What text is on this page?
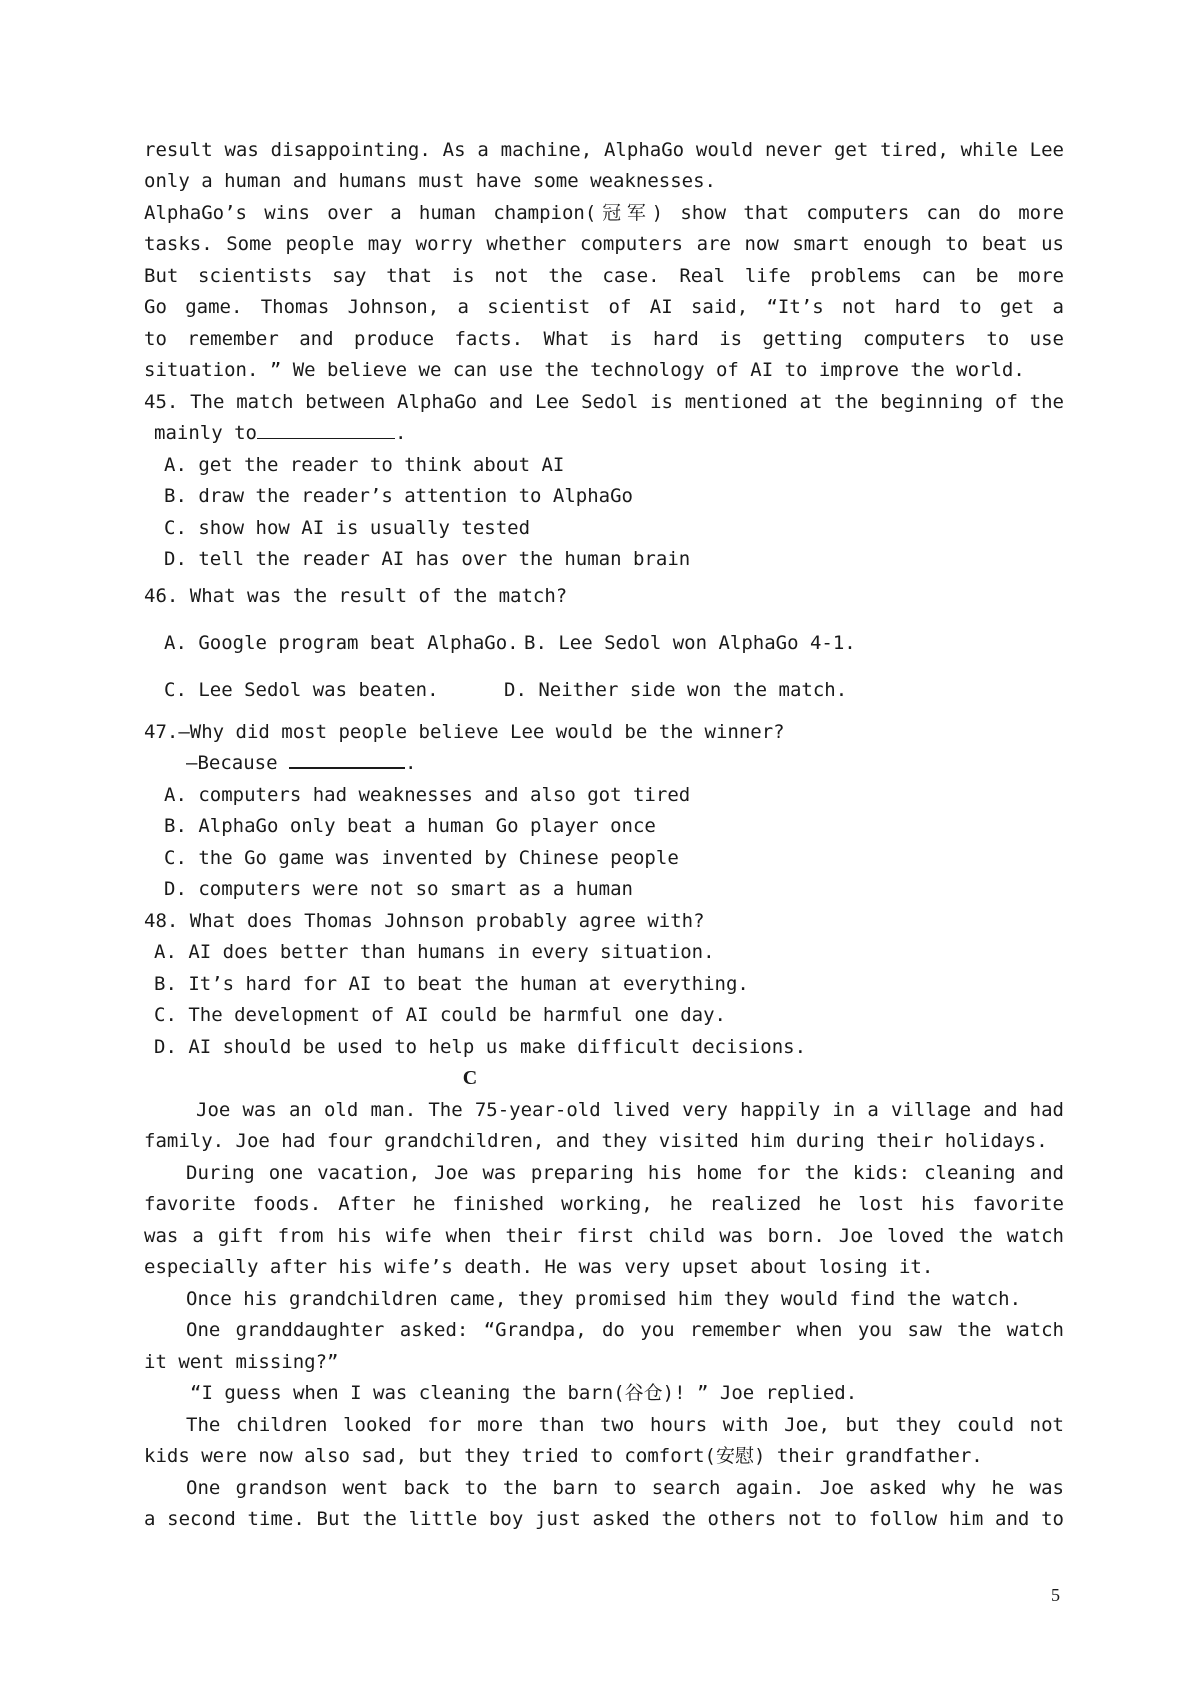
result was disappointing. As a machine, AlphaGo would never get tired, while Lee
only a human and humans must have some weaknesses.
AlphaGo’s wins over a human champion(冠军) show that computers can do more
tasks. Some people may worry whether computers are now smart enough to beat us
But scientists say that is not the case. Real life problems can be more
Go game. Thomas Johnson, a scientist of AI said, “It’s not hard to get a
to remember and produce facts. What is hard is getting computers to use
situation. ” We believe we can use the technology of AI to improve the world.
45. The match between AlphaGo and Lee Sedol is mentioned at the beginning of the
mainly to	.
A. get the reader to think about AI
B. draw the reader’s attention to AlphaGo
C. show how AI is usually tested
D. tell the reader AI has over the human brain
46. What was the result of the match?
A. Google program beat AlphaGo. B. Lee Sedol won AlphaGo 4-1.
C. Lee Sedol was beaten.	D. Neither side won the match.
47.—Why did most people believe Lee would be the winner?
—Because	.
A. computers had weaknesses and also got tired
B. AlphaGo only beat a human Go player once
C. the Go game was invented by Chinese people
D. computers were not so smart as a human
48. What does Thomas Johnson probably agree with?
A. AI does better than humans in every situation.
B. It’s hard for AI to beat the human at everything.
C. The development of AI could be harmful one day.
D. AI should be used to help us make difficult decisions.
C
Joe was an old man. The 75-year-old lived very happily in a village and had
family. Joe had four grandchildren, and they visited him during their holidays.
During one vacation, Joe was preparing his home for the kids: cleaning and
favorite foods. After he finished working, he realized he lost his favorite
was a gift from his wife when their first child was born. Joe loved the watch
especially after his wife’s death. He was very upset about losing it.
Once his grandchildren came, they promised him they would find the watch.
One granddaughter asked: “Grandpa, do you remember when you saw the watch
it went missing?”
“I guess when I was cleaning the barn(谷仓)! ” Joe replied.
The children looked for more than two hours with Joe, but they could not
kids were now also sad, but they tried to comfort(安慰) their grandfather.
One grandson went back to the barn to search again. Joe asked why he was
a second time. But the little boy just asked the others not to follow him and to
5
